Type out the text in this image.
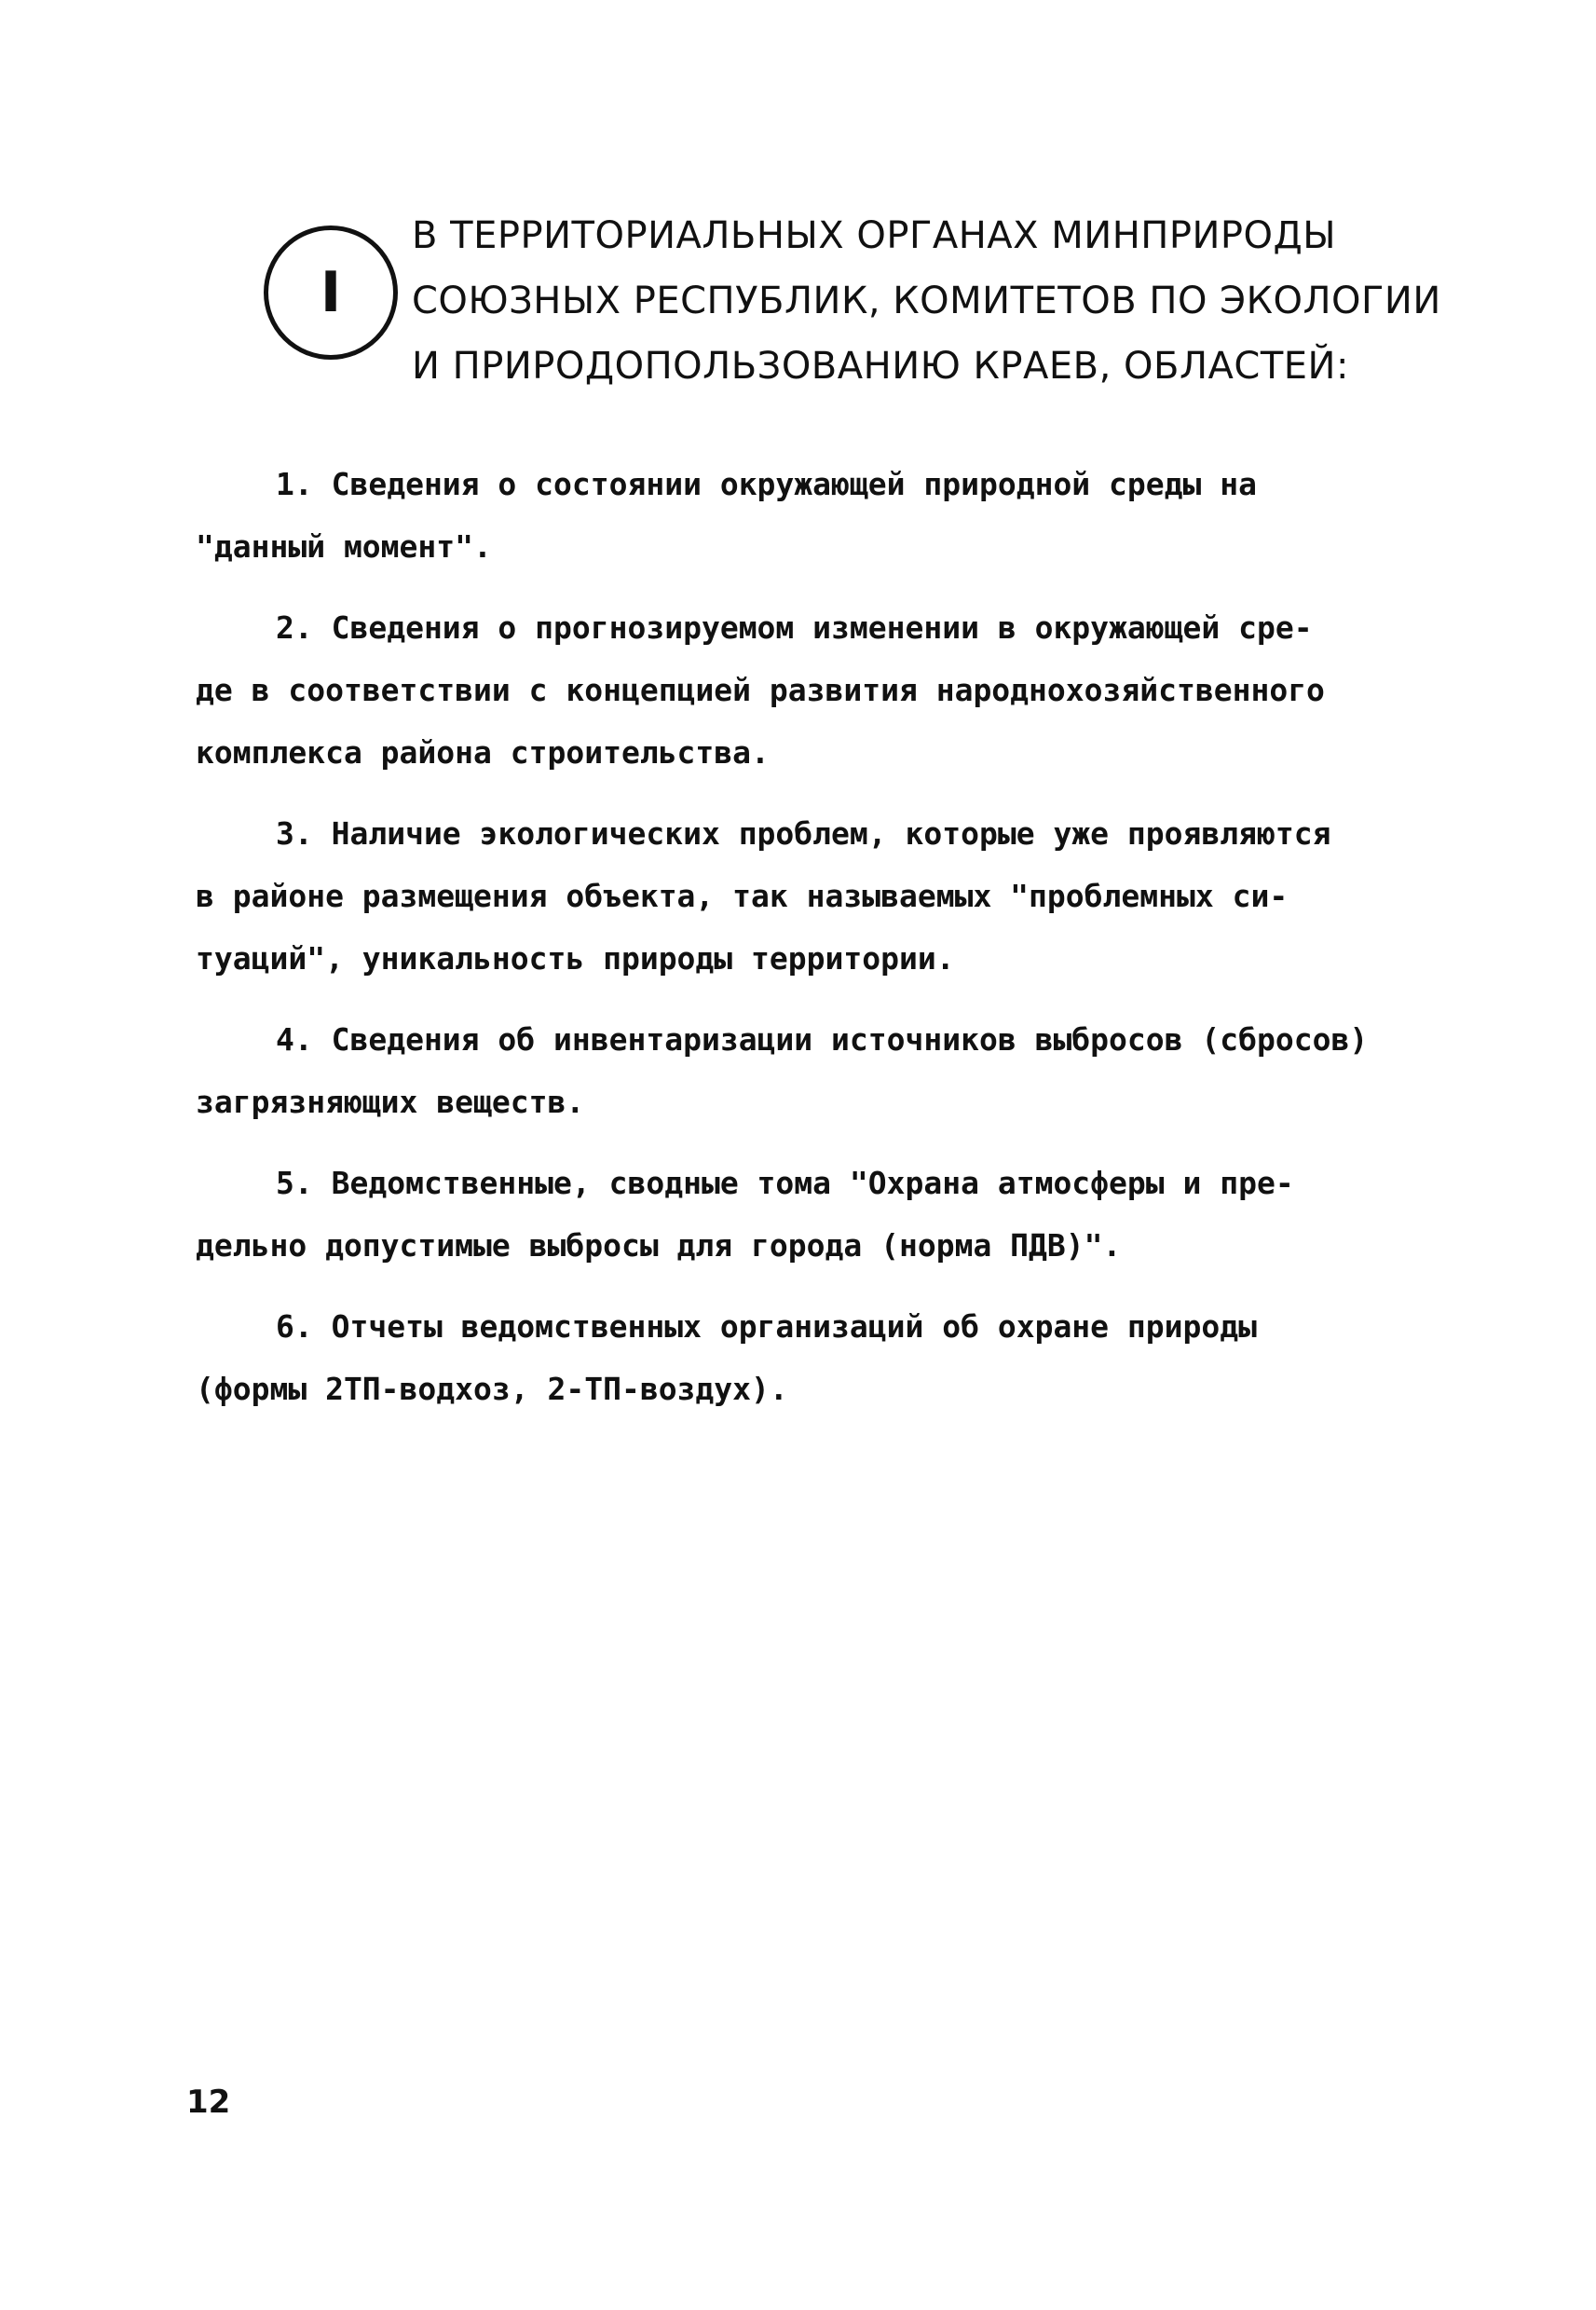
I
В ТЕРРИТОРИАЛЬНЫХ ОРГАНАХ МИНПРИРОДЫ
СОЮЗНЫХ РЕСПУБЛИК, КОМИТЕТОВ ПО ЭКОЛОГИИ
И ПРИРОДОПОЛЬЗОВАНИЮ КРАЕВ, ОБЛАСТЕЙ:
1. Сведения о состоянии окружающей природной среды на
"данный момент".
2. Сведения о прогнозируемом изменении в окружающей сре-
де в соответствии с концепцией развития народнохозяйственного
комплекса района строительства.
3. Наличие экологических проблем, которые уже проявляются
в районе размещения объекта, так называемых "проблемных си-
туаций", уникальность природы территории.
4. Сведения об инвентаризации источников выбросов (сбросов)
загрязняющих веществ.
5. Ведомственные, сводные тома "Охрана атмосферы и пре-
дельно допустимые выбросы для города (норма ПДВ)".
6. Отчеты ведомственных организаций об охране природы
(формы 2ТП-водхоз, 2-ТП-воздух).
12
